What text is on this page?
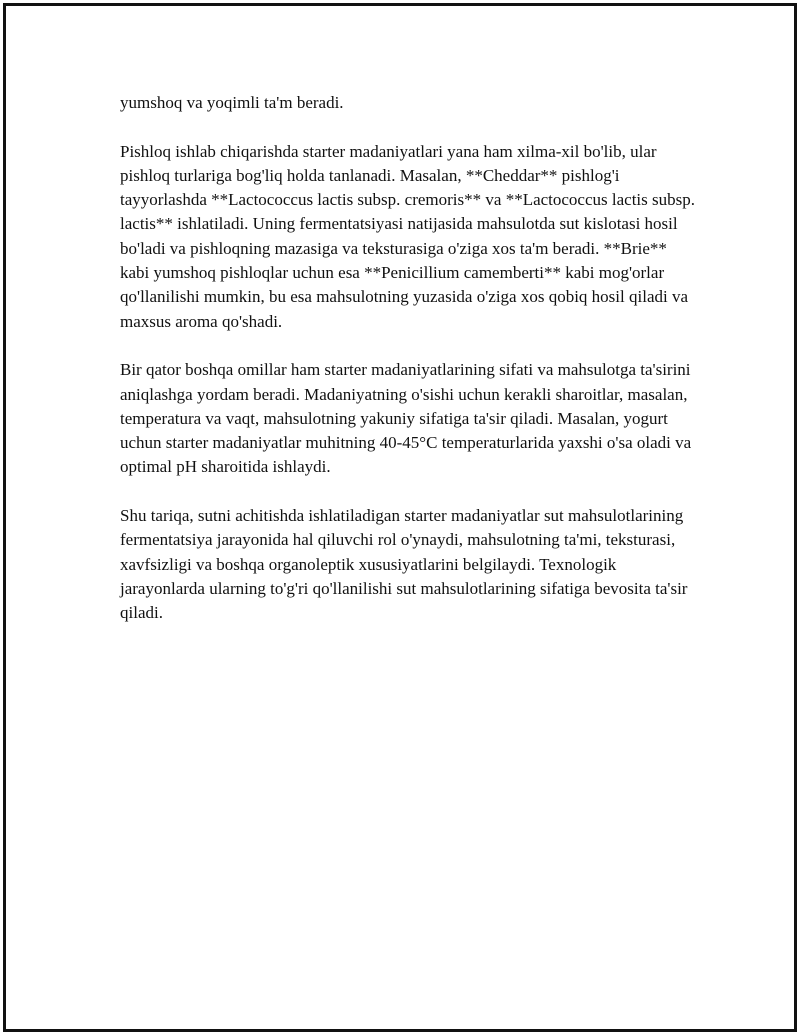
yumshoq va yoqimli ta'm beradi.

Pishloq ishlab chiqarishda starter madaniyatlari yana ham xilma-xil bo'lib, ular pishloq turlariga bog'liq holda tanlanadi. Masalan, **Cheddar** pishlog'i tayyorlashda **Lactococcus lactis subsp. cremoris** va **Lactococcus lactis subsp. lactis** ishlatiladi. Uning fermentatsiyasi natijasida mahsulotda sut kislotasi hosil bo'ladi va pishloqning mazasiga va teksturasiga o'ziga xos ta'm beradi. **Brie** kabi yumshoq pishloqlar uchun esa **Penicillium camemberti** kabi mog'orlar qo'llanilishi mumkin, bu esa mahsulotning yuzasida o'ziga xos qobiq hosil qiladi va maxsus aroma qo'shadi.

Bir qator boshqa omillar ham starter madaniyatlarining sifati va mahsulotga ta'sirini aniqlashga yordam beradi. Madaniyatning o'sishi uchun kerakli sharoitlar, masalan, temperatura va vaqt, mahsulotning yakuniy sifatiga ta'sir qiladi. Masalan, yogurt uchun starter madaniyatlar muhitning 40-45°C temperaturlarida yaxshi o'sa oladi va optimal pH sharoitida ishlaydi.

Shu tariqa, sutni achitishda ishlatiladigan starter madaniyatlar sut mahsulotlarining fermentatsiya jarayonida hal qiluvchi rol o'ynaydi, mahsulotning ta'mi, teksturasi, xavfsizligi va boshqa organoleptik xususiyatlarini belgilaydi. Texnologik jarayonlarda ularning to'g'ri qo'llanilishi sut mahsulotlarining sifatiga bevosita ta'sir qiladi.
